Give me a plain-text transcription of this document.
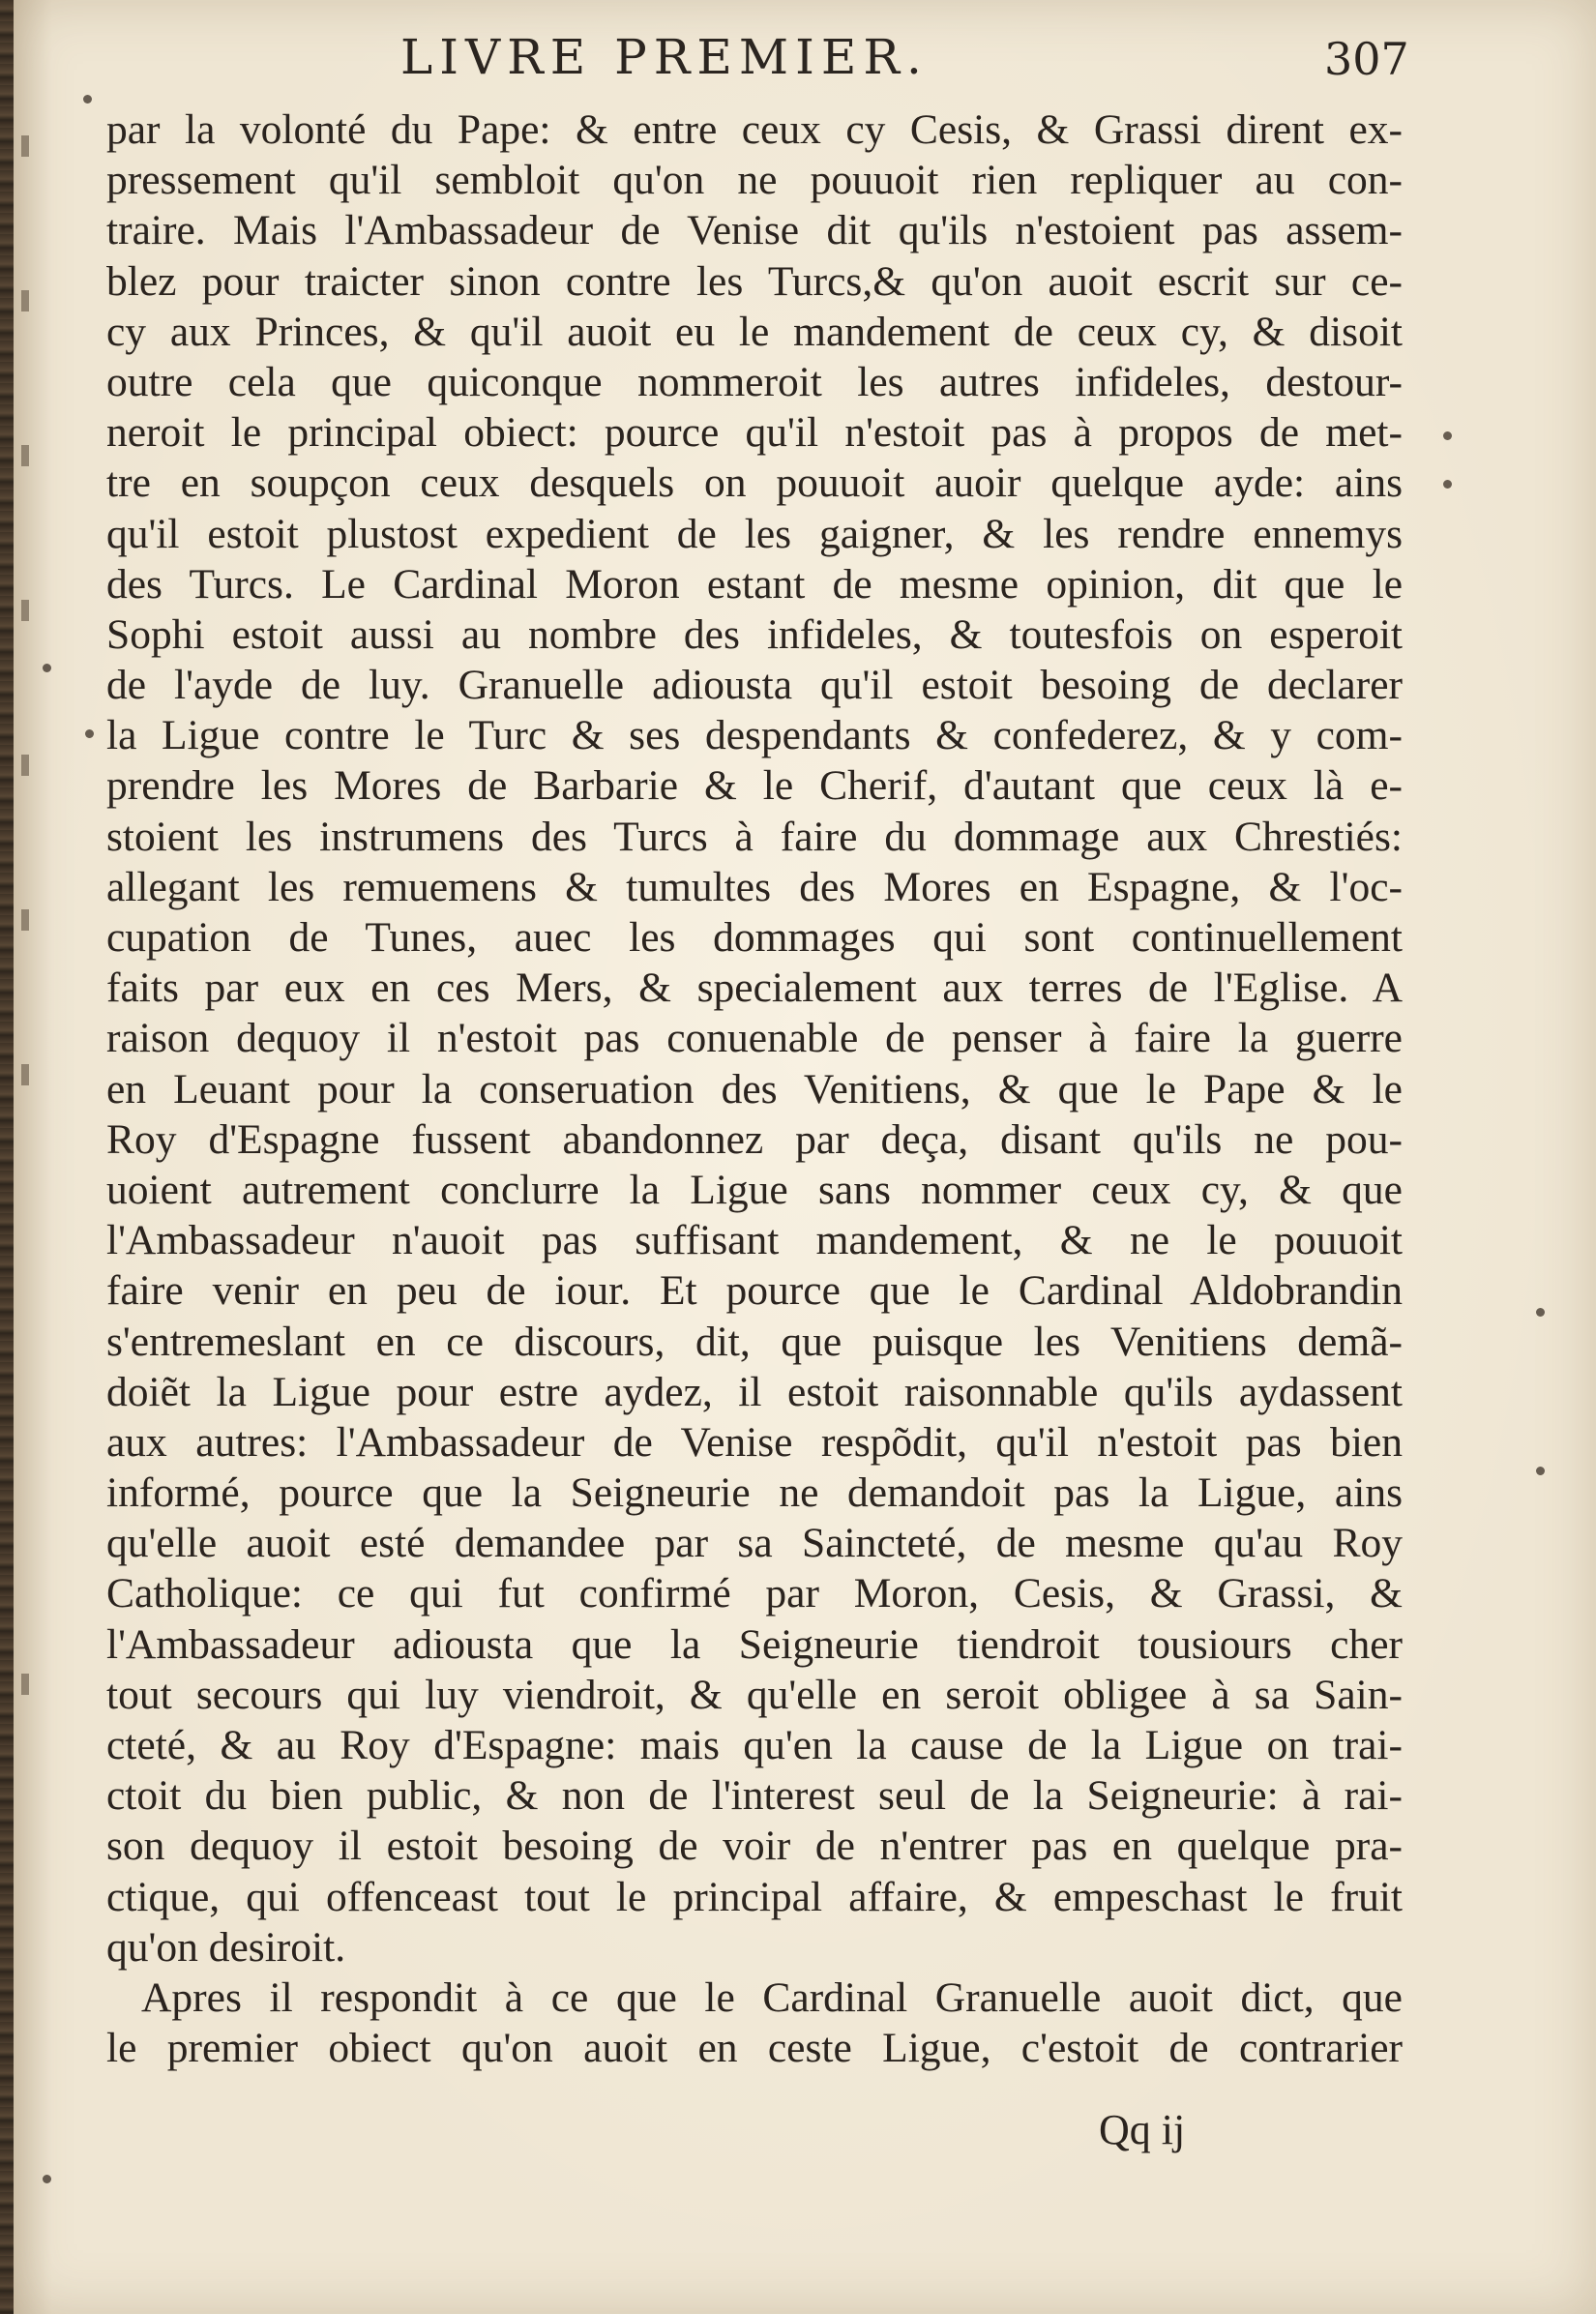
LIVRE PREMIER.	307
par la volonté du Pape: & entre ceux cy Cesis, & Grassi dirent ex-
pressement qu'il sembloit qu'on ne pouuoit rien repliquer au con-
traire. Mais l'Ambassadeur de Venise dit qu'ils n'estoient pas assem-
blez pour traicter sinon contre les Turcs,& qu'on auoit escrit sur ce-
cy aux Princes, & qu'il auoit eu le mandement de ceux cy, & disoit
outre cela que quiconque nommeroit les autres infideles, destour-
neroit le principal obiect: pource qu'il n'estoit pas à propos de met-
tre en soupçon ceux desquels on pouuoit auoir quelque ayde: ains
qu'il estoit plustost expedient de les gaigner, & les rendre ennemys
des Turcs. Le Cardinal Moron estant de mesme opinion, dit que le
Sophi estoit aussi au nombre des infideles, & toutesfois on esperoit
de l'ayde de luy. Granuelle adiousta qu'il estoit besoing de declarer
la Ligue contre le Turc & ses despendants & confederez, & y com-
prendre les Mores de Barbarie & le Cherif, d'autant que ceux là e-
stoient les instrumens des Turcs à faire du dommage aux Chrestiés:
allegant les remuemens & tumultes des Mores en Espagne, & l'oc-
cupation de Tunes, auec les dommages qui sont continuellement
faits par eux en ces Mers, & specialement aux terres de l'Eglise. A
raison dequoy il n'estoit pas conuenable de penser à faire la guerre
en Leuant pour la conseruation des Venitiens, & que le Pape & le
Roy d'Espagne fussent abandonnez par deça, disant qu'ils ne pou-
uoient autrement conclurre la Ligue sans nommer ceux cy, & que
l'Ambassadeur n'auoit pas suffisant mandement, & ne le pouuoit
faire venir en peu de iour. Et pource que le Cardinal Aldobrandin
s'entremeslant en ce discours, dit, que puisque les Venitiens demã-
doiẽt la Ligue pour estre aydez, il estoit raisonnable qu'ils aydassent
aux autres: l'Ambassadeur de Venise respõdit, qu'il n'estoit pas bien
informé, pource que la Seigneurie ne demandoit pas la Ligue, ains
qu'elle auoit esté demandee par sa Saincteté, de mesme qu'au Roy
Catholique: ce qui fut confirmé par Moron, Cesis, & Grassi, &
l'Ambassadeur adiousta que la Seigneurie tiendroit tousiours cher
tout secours qui luy viendroit, & qu'elle en seroit obligee à sa Sain-
cteté, & au Roy d'Espagne: mais qu'en la cause de la Ligue on trai-
ctoit du bien public, & non de l'interest seul de la Seigneurie: à rai-
son dequoy il estoit besoing de voir de n'entrer pas en quelque pra-
ctique, qui offenceast tout le principal affaire, & empeschast le fruit
qu'on desiroit.
Apres il respondit à ce que le Cardinal Granuelle auoit dict, que
le premier obiect qu'on auoit en ceste Ligue, c'estoit de contrarier
Qq ij
